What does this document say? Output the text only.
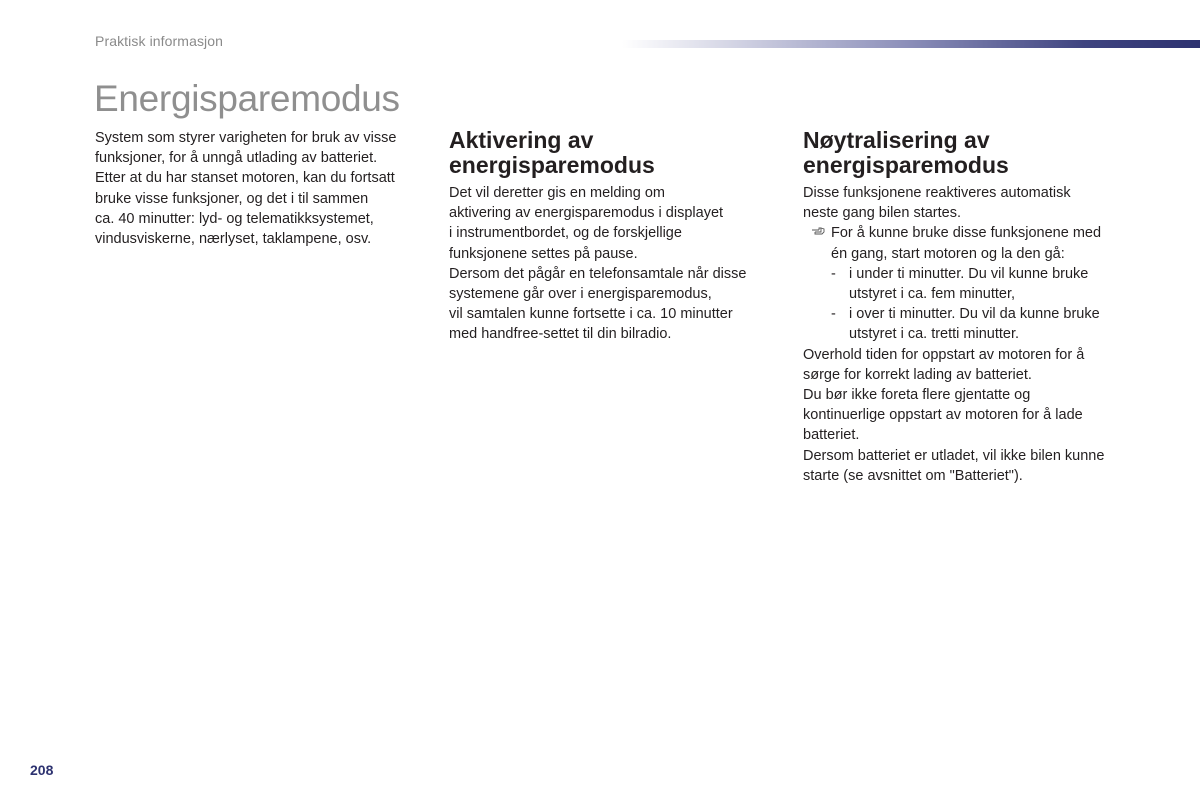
Praktisk informasjon
Energisparemodus

System som styrer varigheten for bruk av visse

funksjoner, for å unngå utlading av batteriet.

Etter at du har stanset motoren, kan du fortsatt

bruke visse funksjoner, og det i til sammen

ca. 40 minutter: lyd- og telematikksystemet,

vindusviskerne, nærlyset, taklampene, osv.

Aktivering av
energisparemodus

Det vil deretter gis en melding om

aktivering av energisparemodus i displayet

i instrumentbordet, og de forskjellige

funksjonene settes på pause.

Dersom det pågår en telefonsamtale når disse

systemene går over i energisparemodus,

vil samtalen kunne fortsette i ca. 10 minutter

med handfree-settet til din bilradio.

Nøytralisering av
energisparemodus

Disse funksjonene reaktiveres automatisk

neste gang bilen startes.

For å kunne bruke disse funksjonene med
én gang, start motoren og la den gå:
- i under ti minutter. Du vil kunne bruke
utstyret i ca. fem minutter,
- i over ti minutter. Du vil da kunne bruke
utstyret i ca. tretti minutter.

Overhold tiden for oppstart av motoren for å

sørge for korrekt lading av batteriet.

Du bør ikke foreta flere gjentatte og

kontinuerlige oppstart av motoren for å lade

batteriet.

Dersom batteriet er utladet, vil ikke bilen kunne

starte (se avsnittet om "Batteriet").

208
